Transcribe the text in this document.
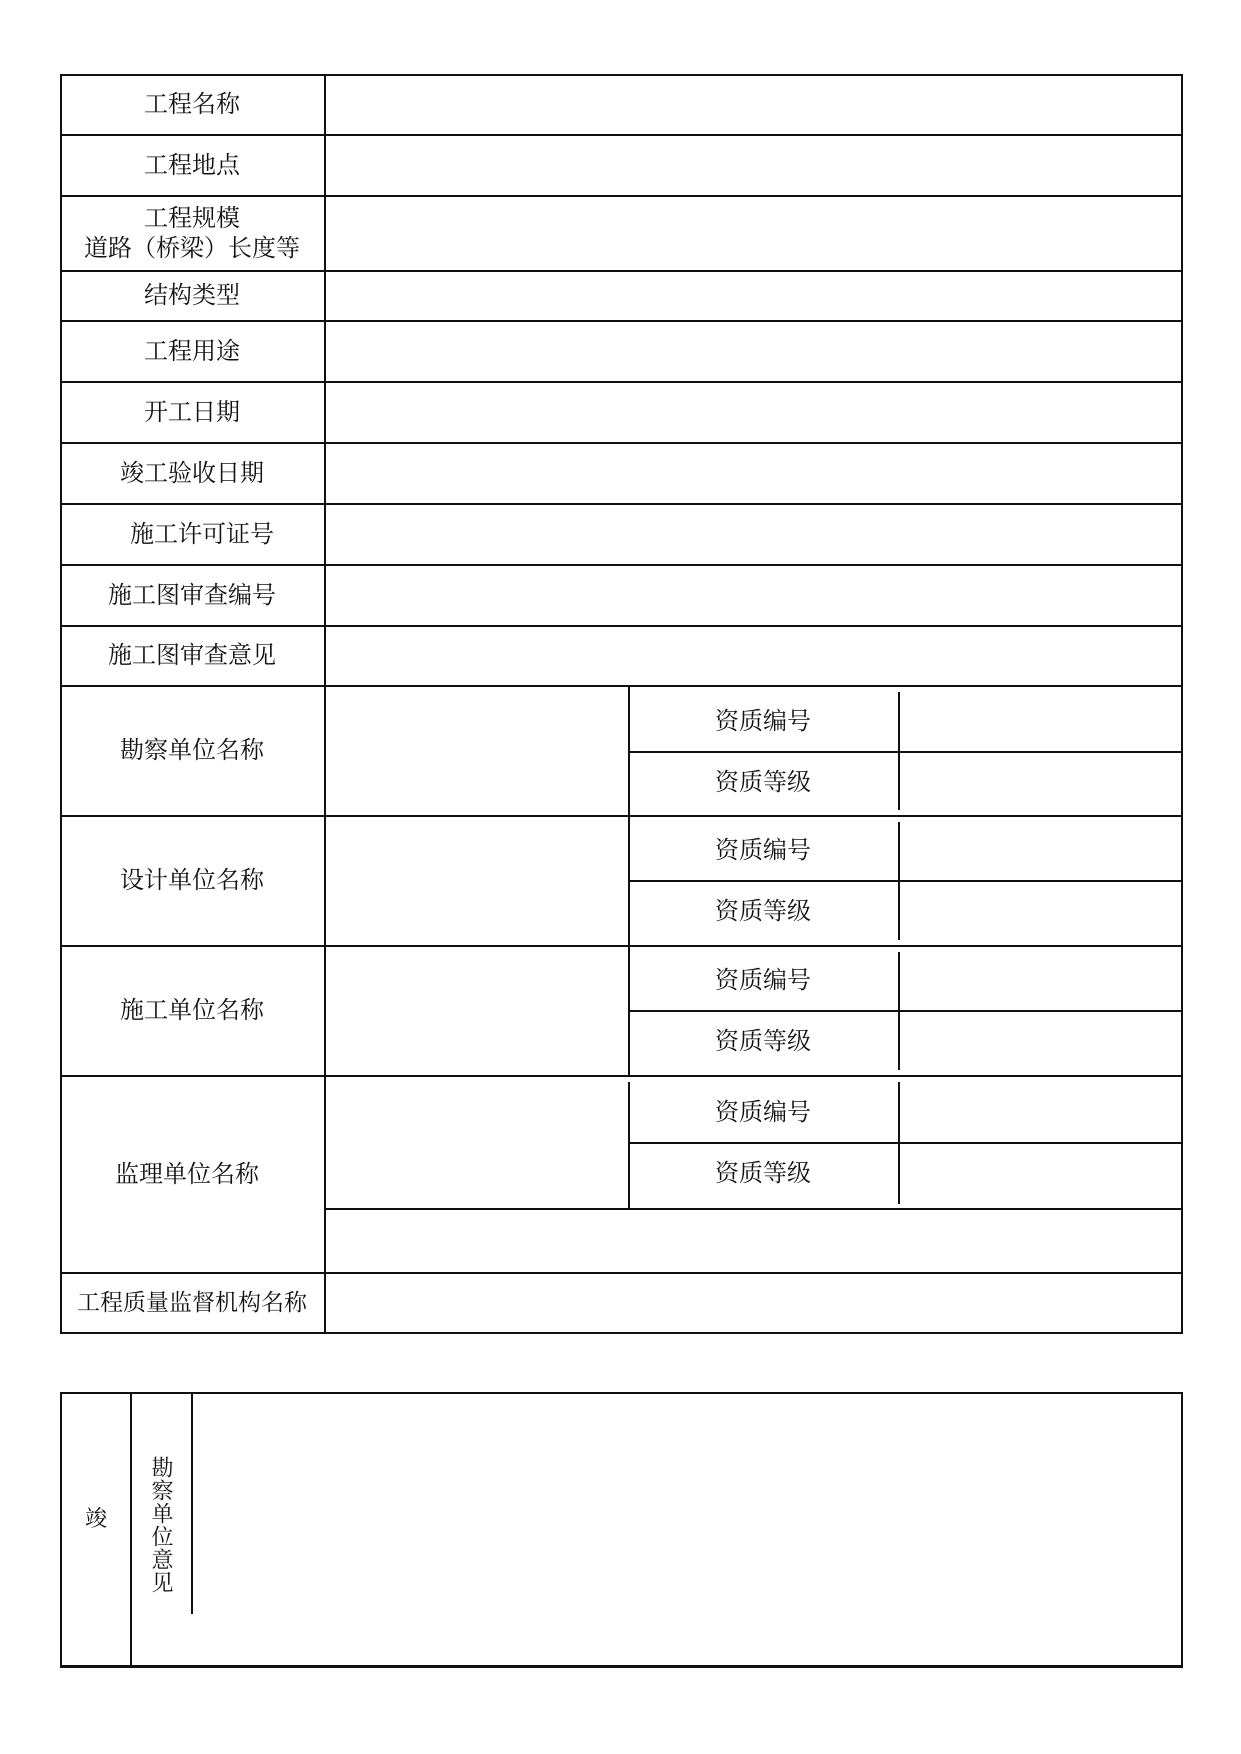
工程名称
工程地点
工程规模
道路（桥梁）长度等
结构类型
工程用途
开工日期
竣工验收日期
施工许可证号
施工图审查编号
施工图审查意见
勘察单位名称
设计单位名称
施工单位名称
监理单位名称
资质编号
资质等级
资质编号
资质等级
资质编号
资质等级
资质编号
资质等级
工程质量监督机构名称
竣	勘察单位意见
